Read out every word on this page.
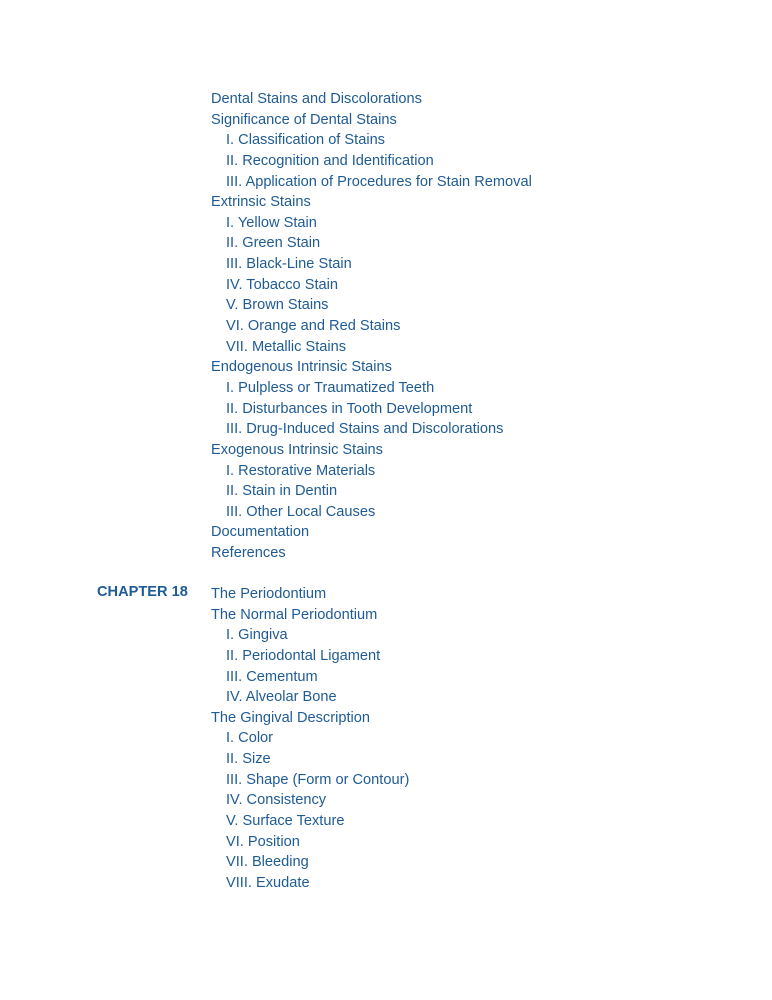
Dental Stains and Discolorations
Significance of Dental Stains
I. Classification of Stains
II. Recognition and Identification
III. Application of Procedures for Stain Removal
Extrinsic Stains
I. Yellow Stain
II. Green Stain
III. Black-Line Stain
IV. Tobacco Stain
V. Brown Stains
VI. Orange and Red Stains
VII. Metallic Stains
Endogenous Intrinsic Stains
I. Pulpless or Traumatized Teeth
II. Disturbances in Tooth Development
III. Drug-Induced Stains and Discolorations
Exogenous Intrinsic Stains
I. Restorative Materials
II. Stain in Dentin
III. Other Local Causes
Documentation
References
CHAPTER 18	The Periodontium
The Normal Periodontium
I. Gingiva
II. Periodontal Ligament
III. Cementum
IV. Alveolar Bone
The Gingival Description
I. Color
II. Size
III. Shape (Form or Contour)
IV. Consistency
V. Surface Texture
VI. Position
VII. Bleeding
VIII. Exudate
